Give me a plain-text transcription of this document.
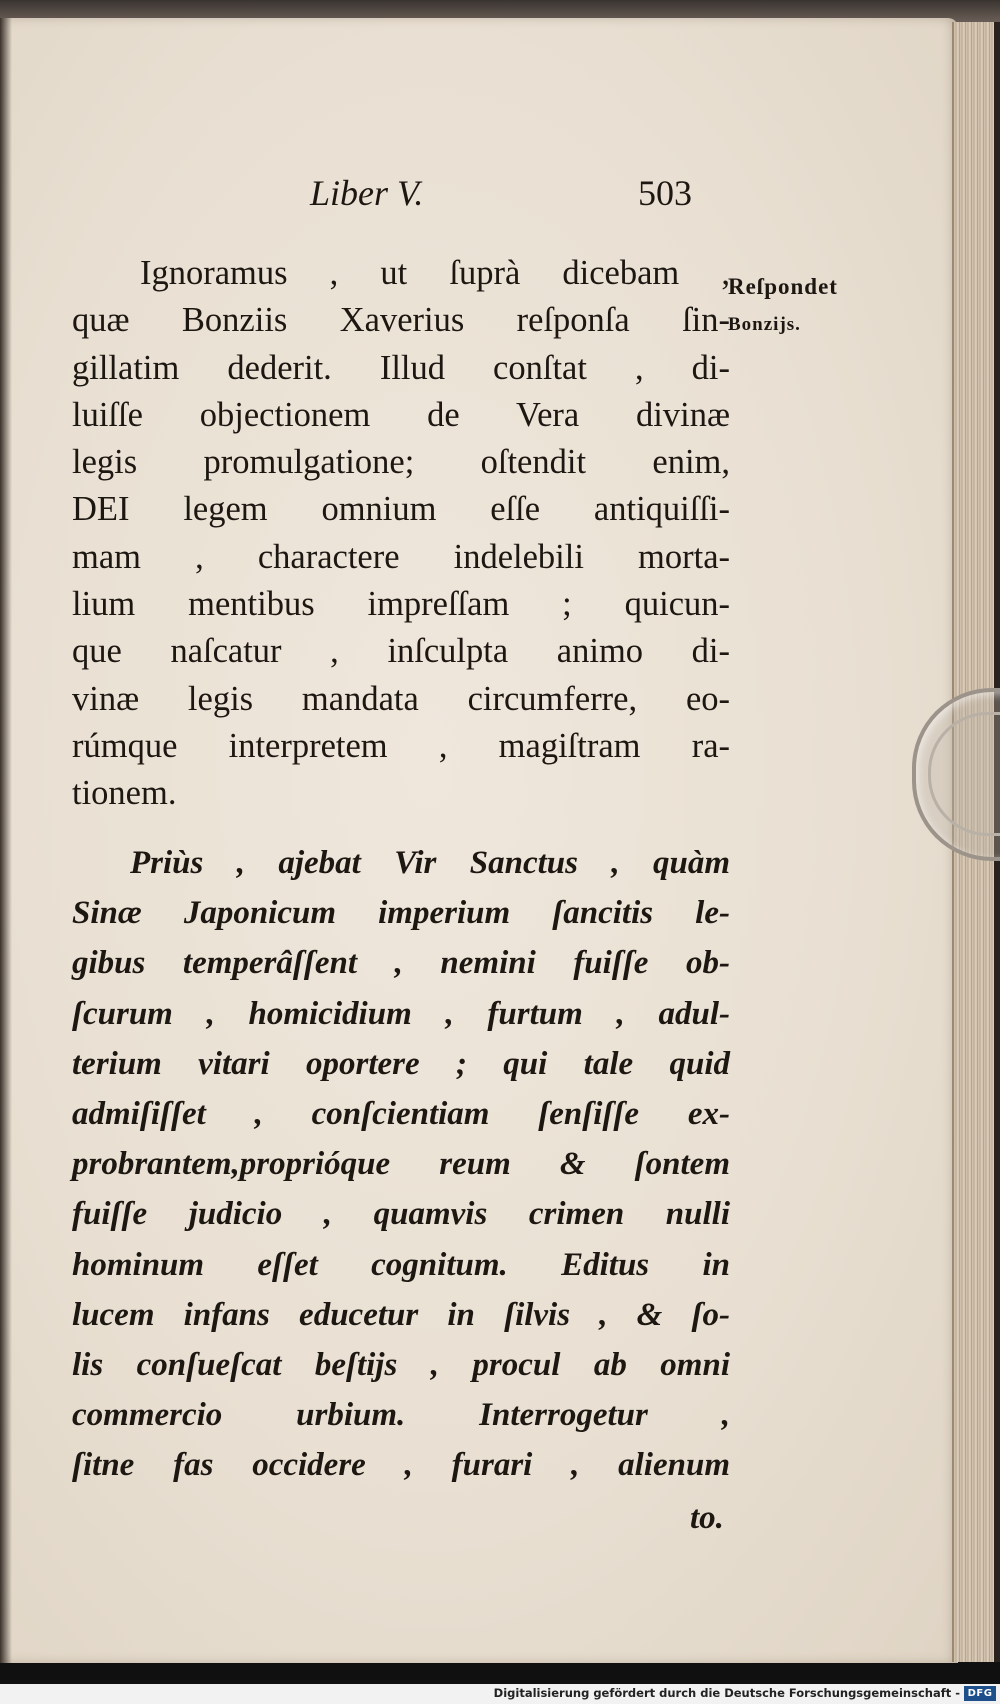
Liber V.	503
Reſpondet
Bonzijs.
Ignoramus , ut ſuprà dicebam ,
quæ Bonziis Xaverius reſponſa ſin-
gillatim dederit. Illud conſtat , di-
luiſſe objectionem de Vera divinæ
legis promulgatione; oſtendit enim,
DEI legem omnium eſſe antiquiſſi-
mam , charactere indelebili morta-
lium mentibus impreſſam ; quicun-
que naſcatur , inſculpta animo di-
vinæ legis mandata circumferre, eo-
rúmque interpretem , magiſtram ra-
tionem.
Priùs , ajebat Vir Sanctus , quàm
Sinæ Japonicum imperium ſancitis le-
gibus temperâſſent , nemini fuiſſe ob-
ſcurum , homicidium , furtum , adul-
terium vitari oportere ; qui tale quid
admiſiſſet , conſcientiam ſenſiſſe ex-
probrantem,proprióque reum & ſontem
fuiſſe judicio , quamvis crimen nulli
hominum eſſet cognitum. Editus in
lucem infans educetur in ſilvis , & ſo-
lis conſueſcat beſtijs , procul ab omni
commercio urbium. Interrogetur ,
ſitne fas occidere , furari , alienum
to.
Digitalisierung gefördert durch die Deutsche Forschungsgemeinschaft - DFG
